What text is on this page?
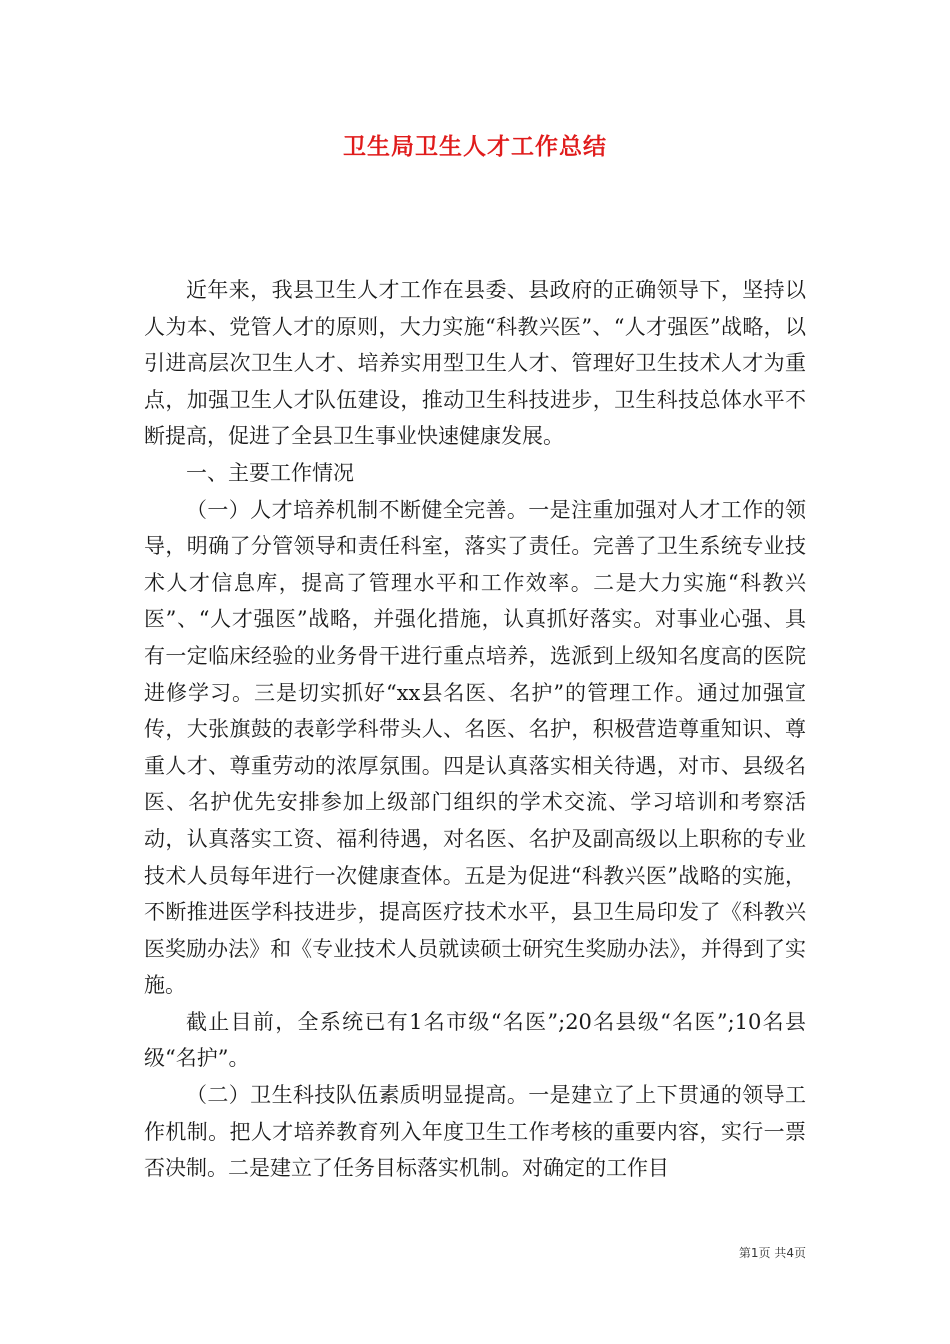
卫生局卫生人才工作总结

近年来，我县卫生人才工作在县委、县政府的正确领导下，坚持以人为本、党管人才的原则，大力实施“科教兴医”、“人才强医”战略，以引进高层次卫生人才、培养实用型卫生人才、管理好卫生技术人才为重点，加强卫生人才队伍建设，推动卫生科技进步，卫生科技总体水平不断提高，促进了全县卫生事业快速健康发展。

一、主要工作情况

（一）人才培养机制不断健全完善。一是注重加强对人才工作的领导，明确了分管领导和责任科室，落实了责任。完善了卫生系统专业技术人才信息库，提高了管理水平和工作效率。二是大力实施“科教兴医”、“人才强医”战略，并强化措施，认真抓好落实。对事业心强、具有一定临床经验的业务骨干进行重点培养，选派到上级知名度高的医院进修学习。三是切实抓好“xx县名医、名护”的管理工作。通过加强宣传，大张旗鼓的表彰学科带头人、名医、名护，积极营造尊重知识、尊重人才、尊重劳动的浓厚氛围。四是认真落实相关待遇，对市、县级名医、名护优先安排参加上级部门组织的学术交流、学习培训和考察活动，认真落实工资、福利待遇，对名医、名护及副高级以上职称的专业技术人员每年进行一次健康查体。五是为促进“科教兴医”战略的实施，不断推进医学科技进步，提高医疗技术水平，县卫生局印发了《科教兴医奖励办法》和《专业技术人员就读硕士研究生奖励办法》，并得到了实施。

截止目前，全系统已有1名市级“名医”;20名县级“名医”;10名县级“名护”。

（二）卫生科技队伍素质明显提高。一是建立了上下贯通的领导工作机制。把人才培养教育列入年度卫生工作考核的重要内容，实行一票否决制。二是建立了任务目标落实机制。对确定的工作目

第1页 共4页
